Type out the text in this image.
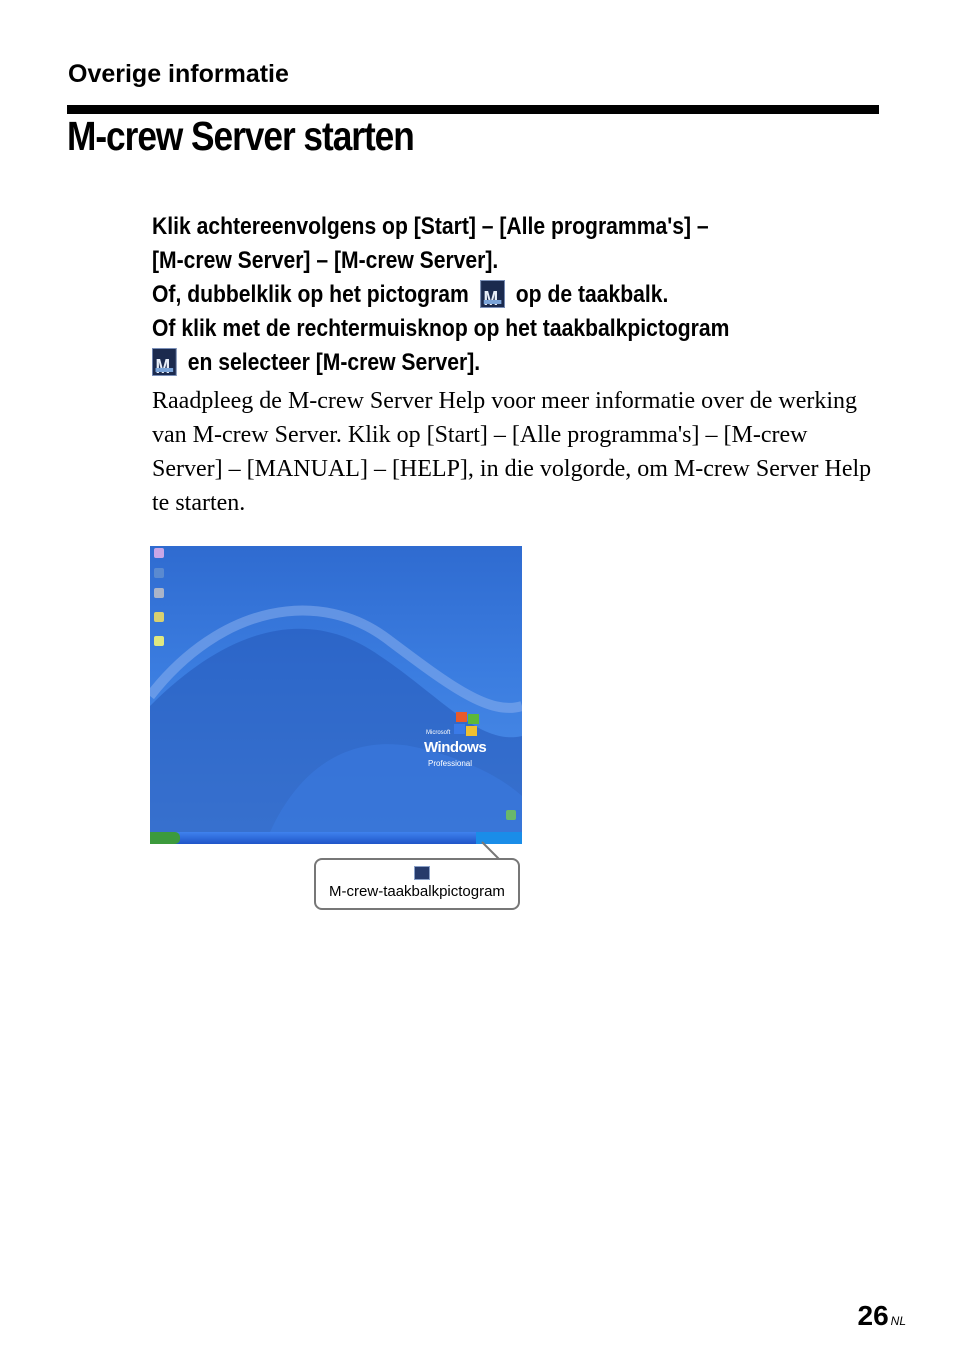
Overige informatie
M-crew Server starten
Klik achtereenvolgens op [Start] – [Alle programma's] –
[M-crew Server] – [M-crew Server].
Of, dubbelklik op het pictogram M op de taakbalk.
Of klik met de rechtermuisknop op het taakbalkpictogram
M en selecteer [M-crew Server].
Raadpleeg de M-crew Server Help voor meer informatie over de werking van M-crew Server. Klik op [Start] – [Alle programma's] – [M-crew Server] – [MANUAL] – [HELP], in die volgorde, om M-crew Server Help te starten.
Microsoft
Windows
Professional
M-crew-taakbalkpictogram
26 NL
